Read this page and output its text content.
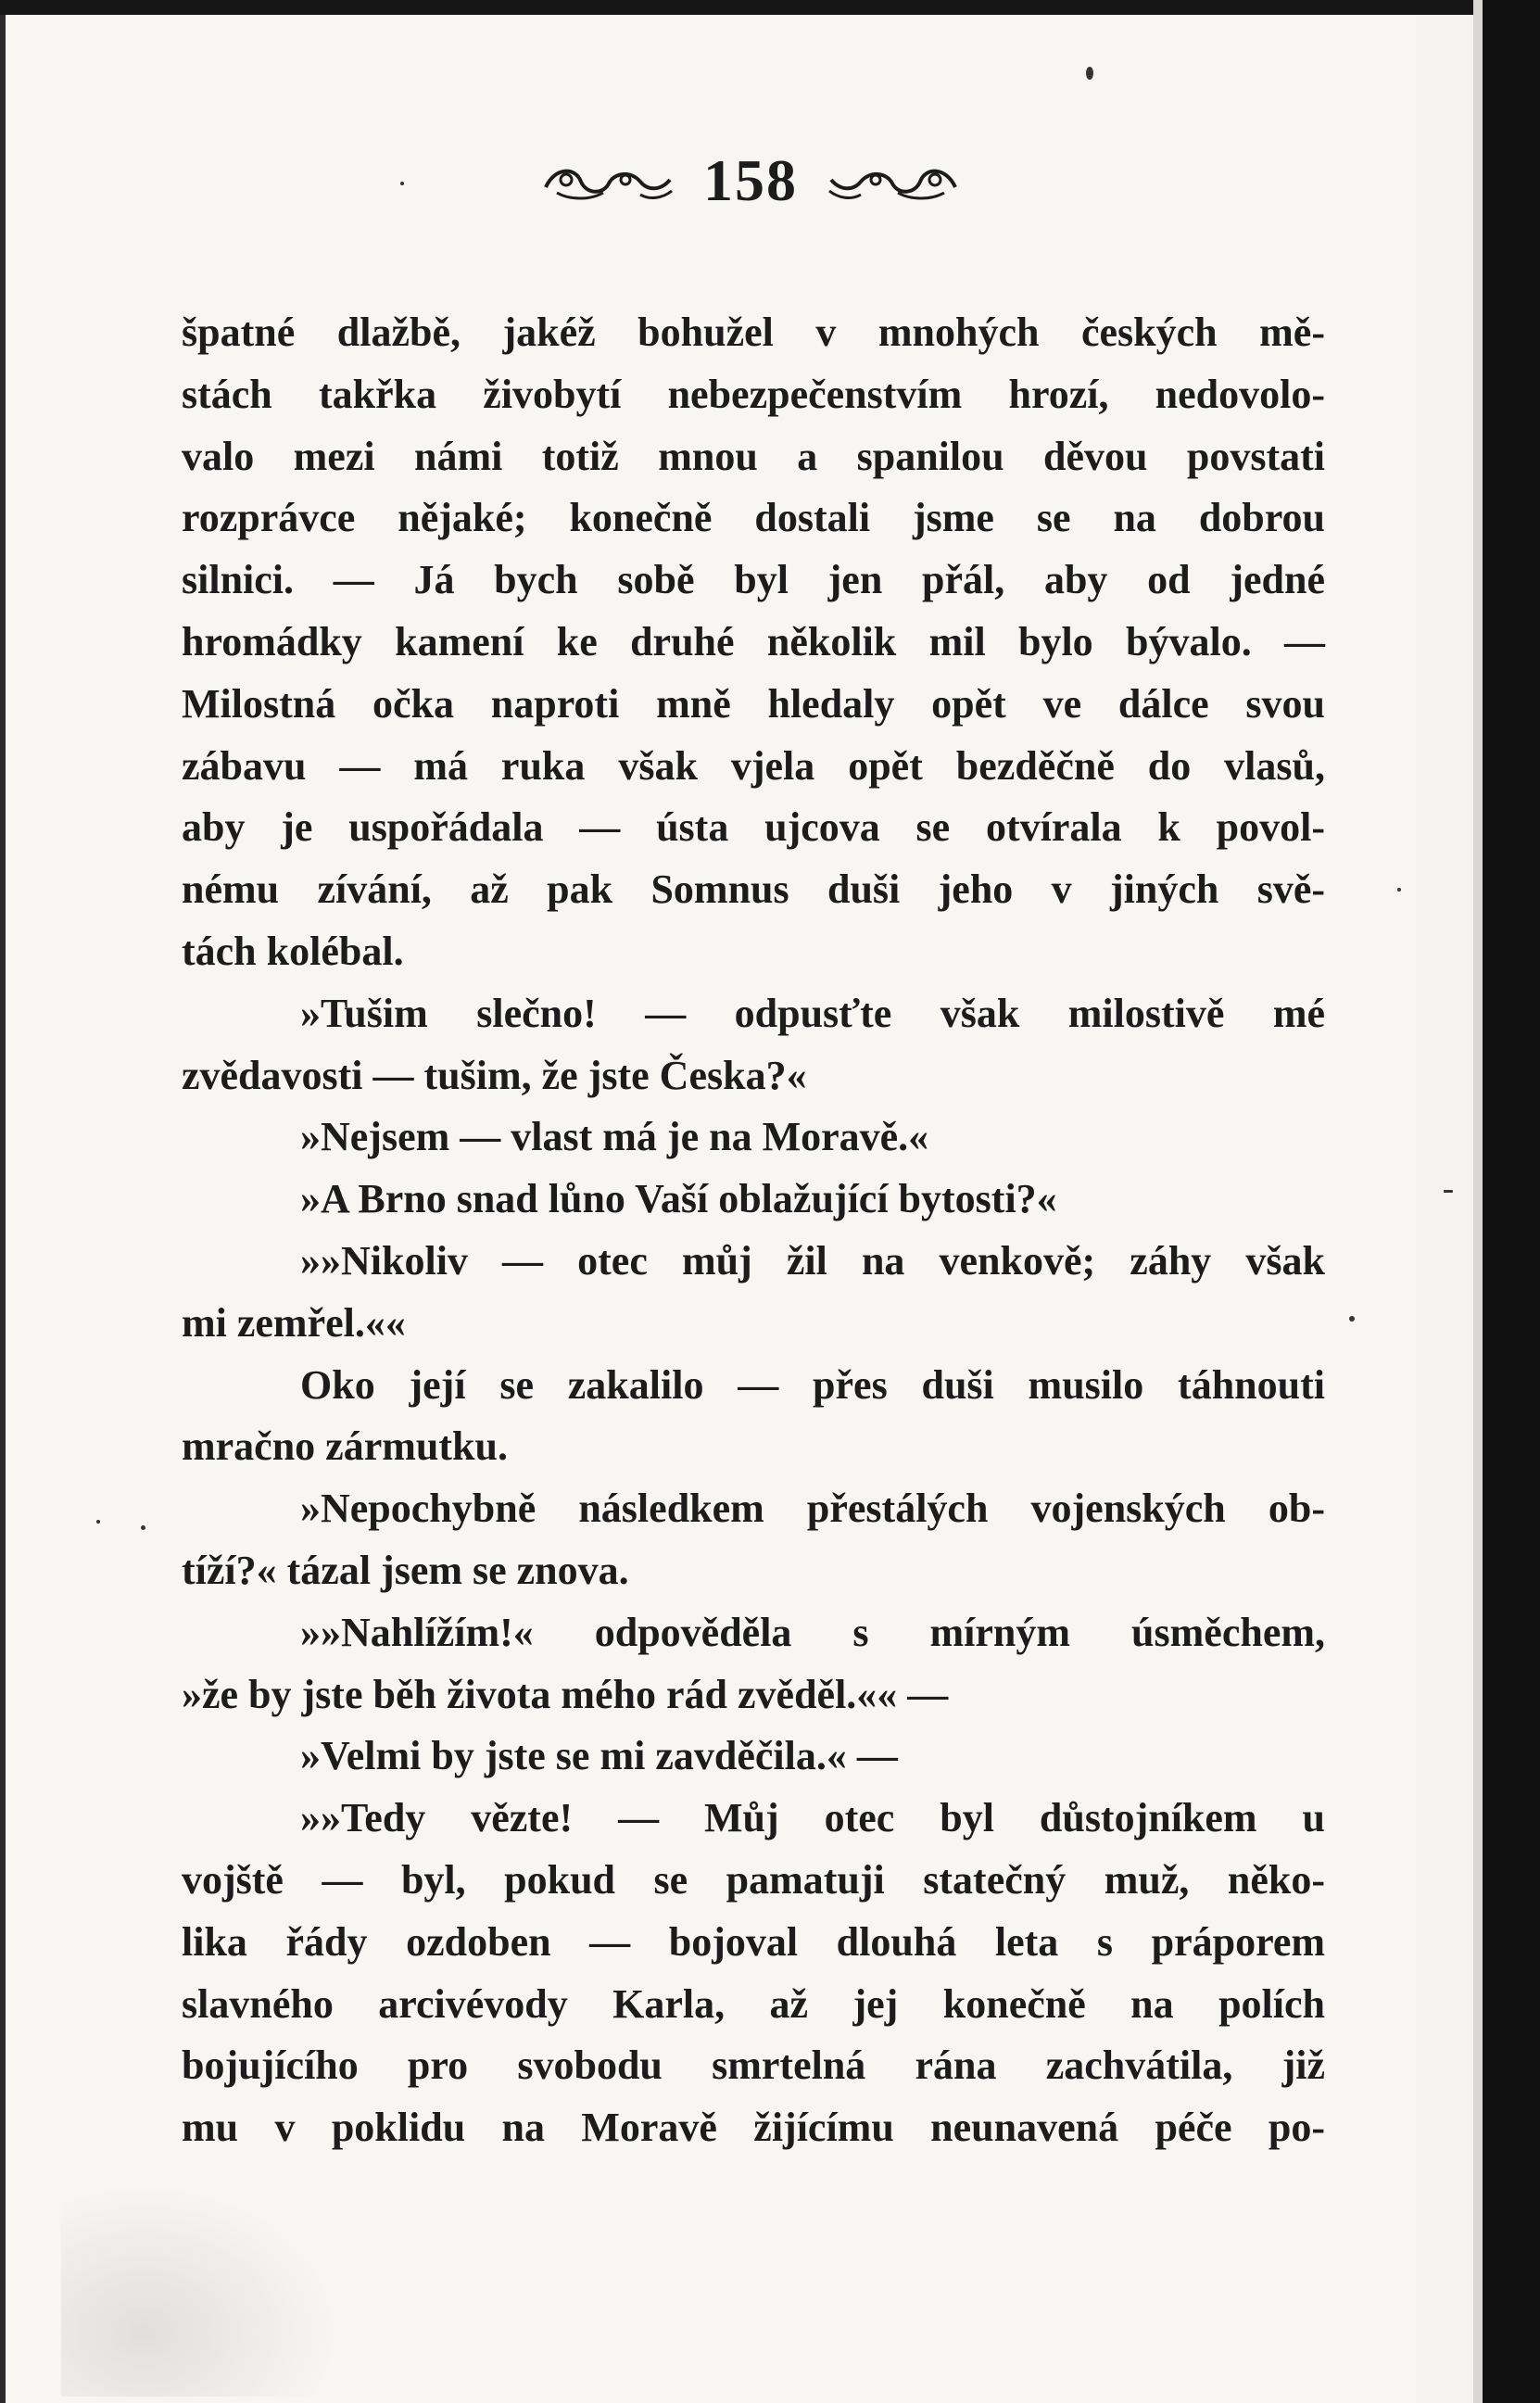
158
špatné dlažbě, jakéž bohužel v mnohých českých mě-
stách takřka živobytí nebezpečenstvím hrozí, nedovolo-
valo mezi námi totiž mnou a spanilou děvou povstati
rozprávce nějaké; konečně dostali jsme se na dobrou
silnici. — Já bych sobě byl jen přál, aby od jedné
hromádky kamení ke druhé několik mil bylo bývalo. —
Milostná očka naproti mně hledaly opět ve dálce svou
zábavu — má ruka však vjela opět bezděčně do vlasů,
aby je uspořádala — ústa ujcova se otvírala k povol-
nému zívání, až pak Somnus duši jeho v jiných svě-
tách kolébal.
»Tušim slečno! — odpusťte však milostivě mé
zvědavosti — tušim, že jste Česka?«
»Nejsem — vlast má je na Moravě.«
»A Brno snad lůno Vaší oblažující bytosti?«
»»Nikoliv — otec můj žil na venkově; záhy však
mi zemřel.««
Oko její se zakalilo — přes duši musilo táhnouti
mračno zármutku.
»Nepochybně následkem přestálých vojenských ob-
tíží?« tázal jsem se znova.
»»Nahlížím!« odpověděla s mírným úsměchem,
»že by jste běh života mého rád zvěděl.«« —
»Velmi by jste se mi zavděčila.« —
»»Tedy vězte! — Můj otec byl důstojníkem u
vojště — byl, pokud se pamatuji statečný muž, někо-
lika řády ozdoben — bojoval dlouhá leta s práporem
slavného arcivévody Karla, až jej konečně na polích
bojujícího pro svobodu smrtelná rána zachvátila, již
mu v poklidu na Moravě žijícímu neunavená péče po-
